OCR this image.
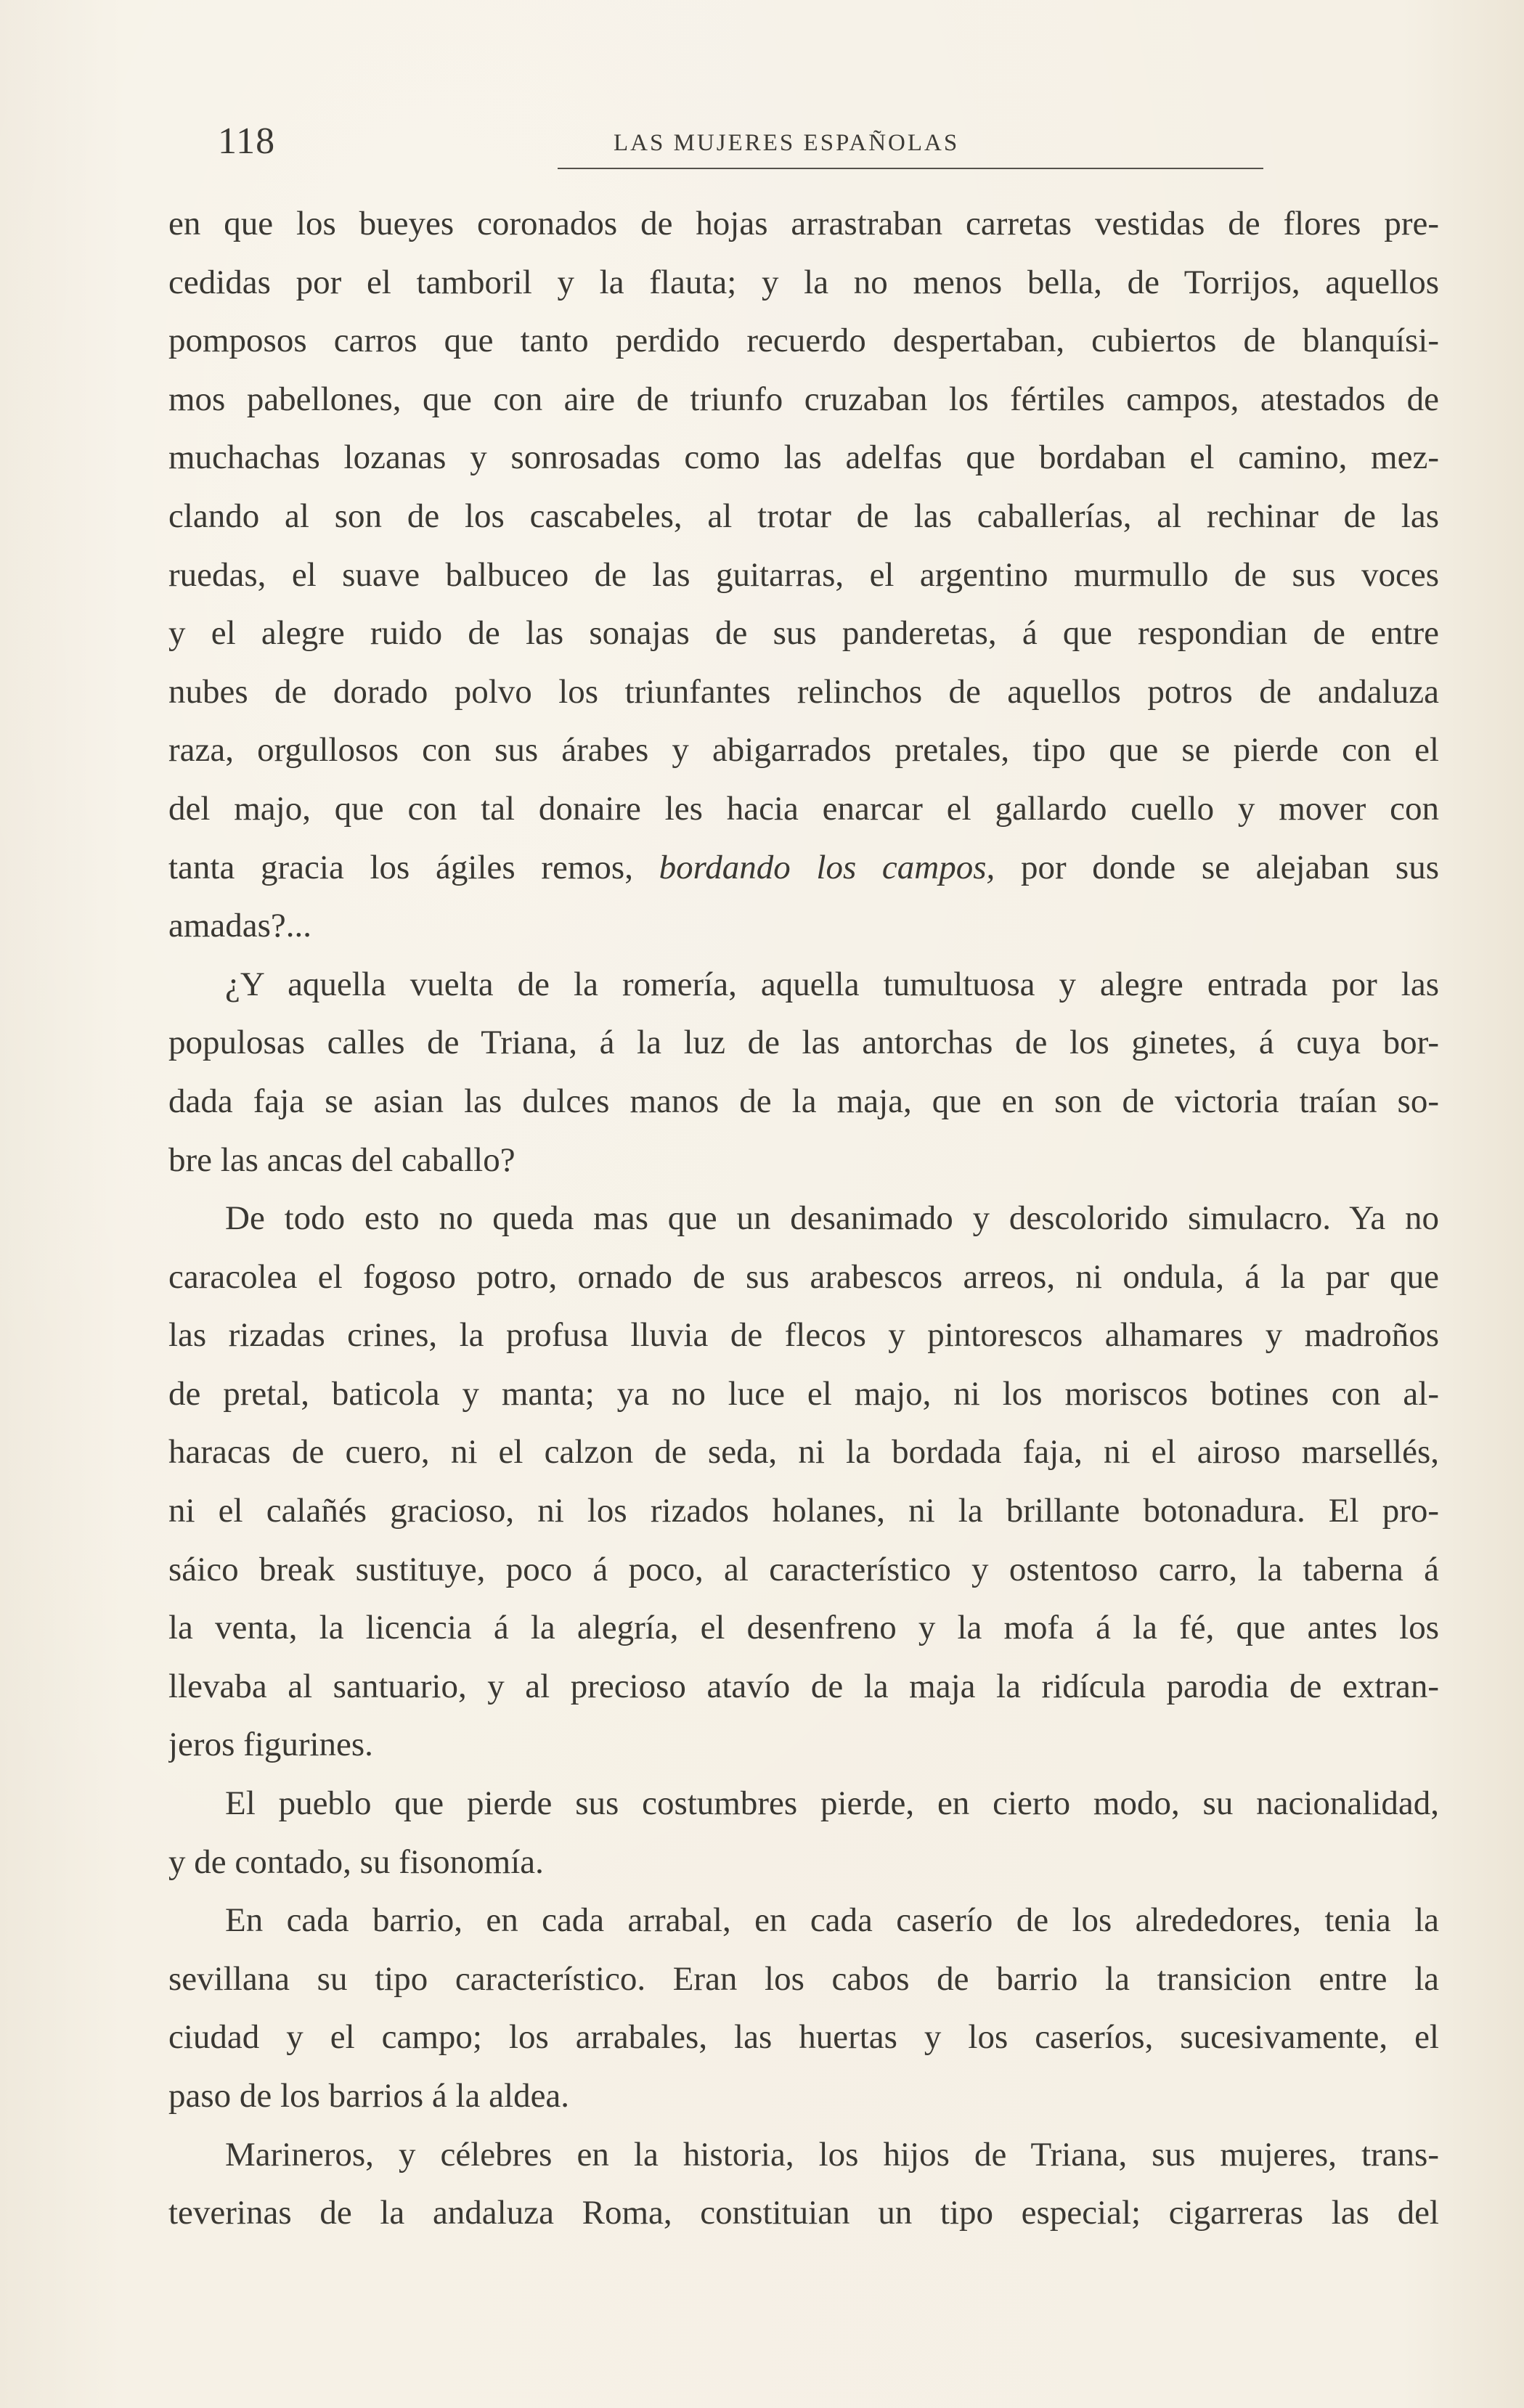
118	LAS MUJERES ESPAÑOLAS
en que los bueyes coronados de hojas arrastraban carretas vestidas de flores pre-
cedidas por el tamboril y la flauta; y la no menos bella, de Torrijos, aquellos
pomposos carros que tanto perdido recuerdo despertaban, cubiertos de blanquísi-
mos pabellones, que con aire de triunfo cruzaban los fértiles campos, atestados de
muchachas lozanas y sonrosadas como las adelfas que bordaban el camino, mez-
clando al son de los cascabeles, al trotar de las caballerías, al rechinar de las
ruedas, el suave balbuceo de las guitarras, el argentino murmullo de sus voces
y el alegre ruido de las sonajas de sus panderetas, á que respondian de entre
nubes de dorado polvo los triunfantes relinchos de aquellos potros de andaluza
raza, orgullosos con sus árabes y abigarrados pretales, tipo que se pierde con el
del majo, que con tal donaire les hacia enarcar el gallardo cuello y mover con
tanta gracia los ágiles remos, bordando los campos, por donde se alejaban sus
amadas?...
¿Y aquella vuelta de la romería, aquella tumultuosa y alegre entrada por las
populosas calles de Triana, á la luz de las antorchas de los ginetes, á cuya bor-
dada faja se asian las dulces manos de la maja, que en son de victoria traían so-
bre las ancas del caballo?
De todo esto no queda mas que un desanimado y descolorido simulacro. Ya no
caracolea el fogoso potro, ornado de sus arabescos arreos, ni ondula, á la par que
las rizadas crines, la profusa lluvia de flecos y pintorescos alhamares y madroños
de pretal, baticola y manta; ya no luce el majo, ni los moriscos botines con al-
haracas de cuero, ni el calzon de seda, ni la bordada faja, ni el airoso marsellés,
ni el calañés gracioso, ni los rizados holanes, ni la brillante botonadura. El pro-
sáico break sustituye, poco á poco, al característico y ostentoso carro, la taberna á
la venta, la licencia á la alegría, el desenfreno y la mofa á la fé, que antes los
llevaba al santuario, y al precioso atavío de la maja la ridícula parodia de extran-
jeros figurines.
El pueblo que pierde sus costumbres pierde, en cierto modo, su nacionalidad,
y de contado, su fisonomía.
En cada barrio, en cada arrabal, en cada caserío de los alrededores, tenia la
sevillana su tipo característico. Eran los cabos de barrio la transicion entre la
ciudad y el campo; los arrabales, las huertas y los caseríos, sucesivamente, el
paso de los barrios á la aldea.
Marineros, y célebres en la historia, los hijos de Triana, sus mujeres, trans-
teverinas de la andaluza Roma, constituian un tipo especial; cigarreras las del
